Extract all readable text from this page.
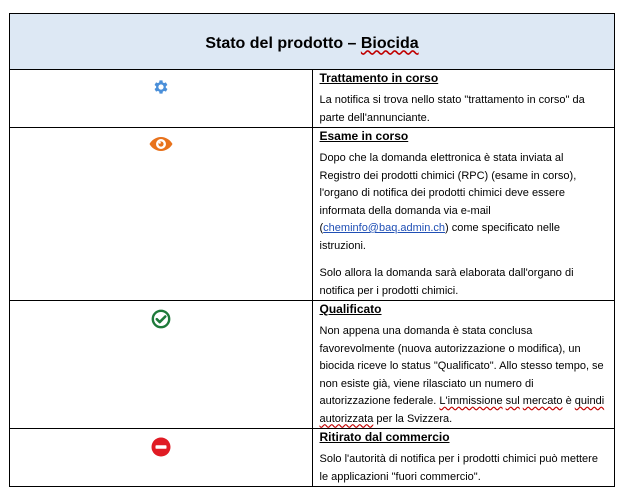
Stato del prodotto – Biocida	

Trattamento in corso

La notifica si trova nello stato "trattamento in corso" da parte dell'annunciante.

Esame in corso

Dopo che la domanda elettronica è stata inviata al Registro dei prodotti chimici (RPC) (esame in corso), l'organo di notifica dei prodotti chimici deve essere informata della domanda via e-mail (cheminfo@baq.admin.ch) come specificato nelle istruzioni.

Solo allora la domanda sarà elaborata dall'organo di notifica per i prodotti chimici.

Qualificato

Non appena una domanda è stata conclusa favorevolmente (nuova autorizzazione o modifica), un biocida riceve lo status "Qualificato". Allo stesso tempo, se non esiste già, viene rilasciato un numero di autorizzazione federale. L'immissione sul mercato è quindi autorizzata per la Svizzera.

Ritirato dal commercio

Solo l'autorità di notifica per i prodotti chimici può mettere le applicazioni "fuori commercio".
